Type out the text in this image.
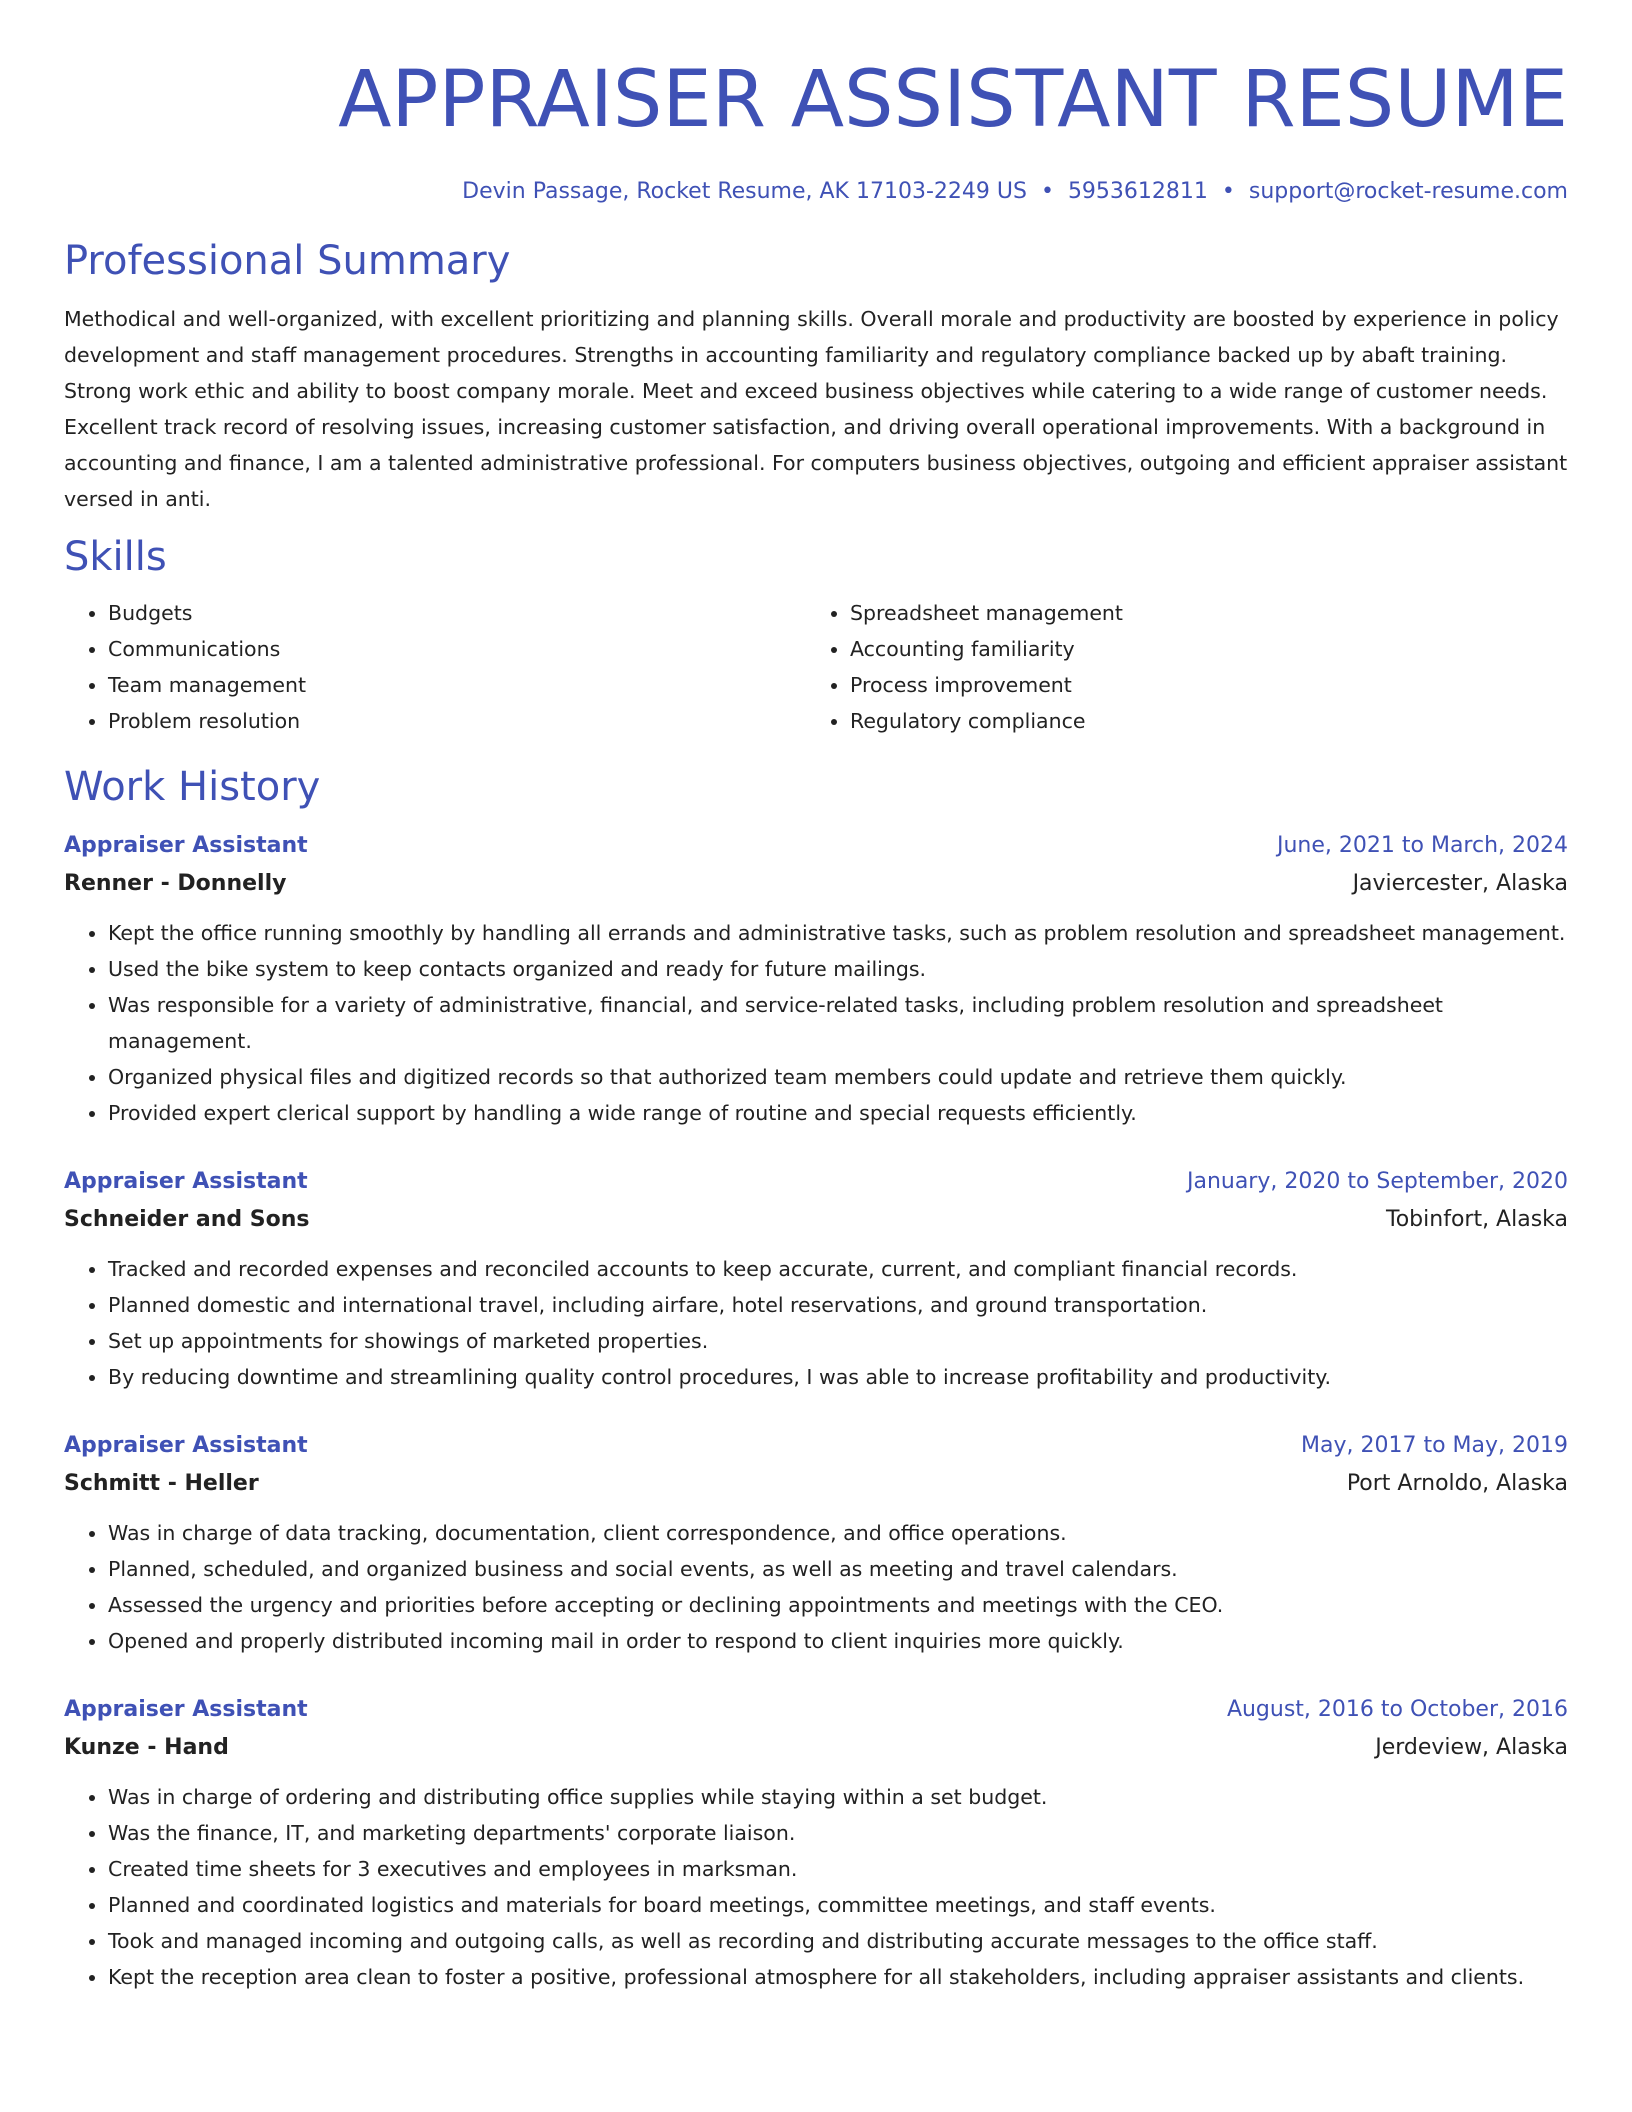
APPRAISER ASSISTANT RESUME
Devin Passage, Rocket Resume, AK 17103-2249 US • 5953612811 • support@rocket-resume.com
Professional Summary

Methodical and well-organized, with excellent prioritizing and planning skills. Overall morale and productivity are boosted by experience in policy development and staff management procedures. Strengths in accounting familiarity and regulatory compliance backed up by abaft training. Strong work ethic and ability to boost company morale. Meet and exceed business objectives while catering to a wide range of customer needs. Excellent track record of resolving issues, increasing customer satisfaction, and driving overall operational improvements. With a background in accounting and finance, I am a talented administrative professional. For computers business objectives, outgoing and efficient appraiser assistant versed in anti.

Skills
• Budgets
• Communications
• Team management
• Problem resolution
• Spreadsheet management
• Accounting familiarity
• Process improvement
• Regulatory compliance
Work History
Appraiser Assistant	June, 2021 to March, 2024
Renner - Donnelly	Javiercester, Alaska
• Kept the office running smoothly by handling all errands and administrative tasks, such as problem resolution and spreadsheet management.
• Used the bike system to keep contacts organized and ready for future mailings.
• Was responsible for a variety of administrative, financial, and service-related tasks, including problem resolution and spreadsheet management.
• Organized physical files and digitized records so that authorized team members could update and retrieve them quickly.
• Provided expert clerical support by handling a wide range of routine and special requests efficiently.
Appraiser Assistant	January, 2020 to September, 2020
Schneider and Sons	Tobinfort, Alaska
• Tracked and recorded expenses and reconciled accounts to keep accurate, current, and compliant financial records.
• Planned domestic and international travel, including airfare, hotel reservations, and ground transportation.
• Set up appointments for showings of marketed properties.
• By reducing downtime and streamlining quality control procedures, I was able to increase profitability and productivity.
Appraiser Assistant	May, 2017 to May, 2019
Schmitt - Heller	Port Arnoldo, Alaska
• Was in charge of data tracking, documentation, client correspondence, and office operations.
• Planned, scheduled, and organized business and social events, as well as meeting and travel calendars.
• Assessed the urgency and priorities before accepting or declining appointments and meetings with the CEO.
• Opened and properly distributed incoming mail in order to respond to client inquiries more quickly.
Appraiser Assistant	August, 2016 to October, 2016
Kunze - Hand	Jerdeview, Alaska
• Was in charge of ordering and distributing office supplies while staying within a set budget.
• Was the finance, IT, and marketing departments' corporate liaison.
• Created time sheets for 3 executives and employees in marksman.
• Planned and coordinated logistics and materials for board meetings, committee meetings, and staff events.
• Took and managed incoming and outgoing calls, as well as recording and distributing accurate messages to the office staff.
• Kept the reception area clean to foster a positive, professional atmosphere for all stakeholders, including appraiser assistants and clients.
